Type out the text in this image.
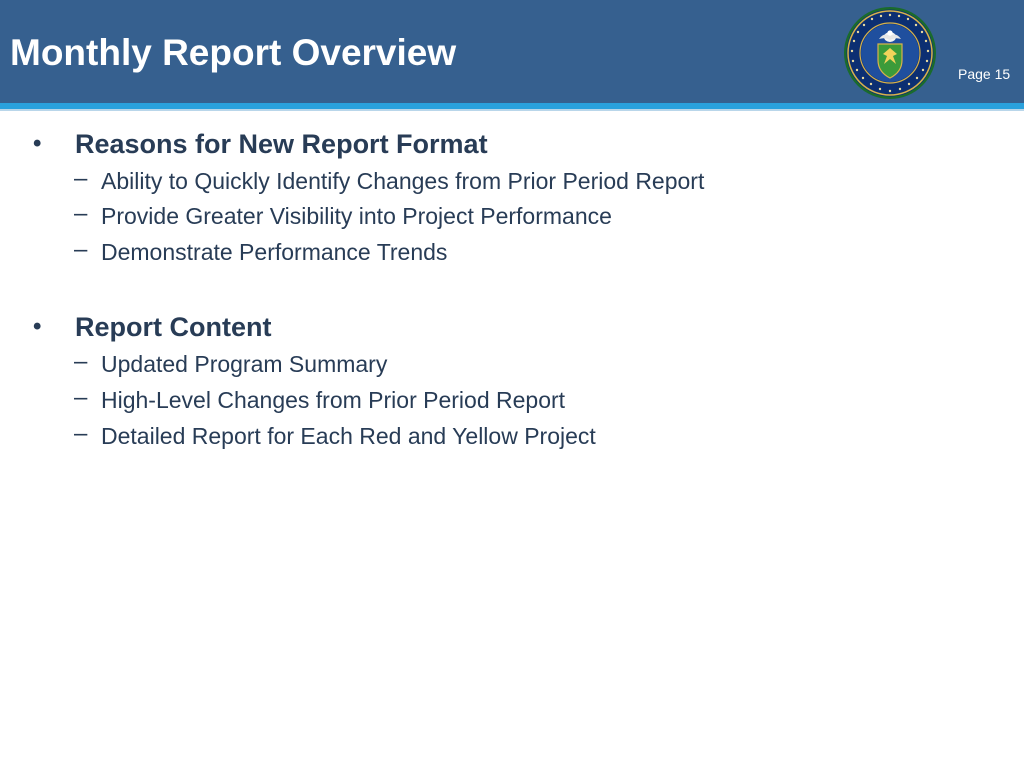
Monthly Report Overview
Page 15
• Reasons for New Report Format
– Ability to Quickly Identify Changes from Prior Period Report
– Provide Greater Visibility into Project Performance
– Demonstrate Performance Trends
• Report Content
– Updated Program Summary
– High-Level Changes from Prior Period Report
– Detailed Report for Each Red and Yellow Project
